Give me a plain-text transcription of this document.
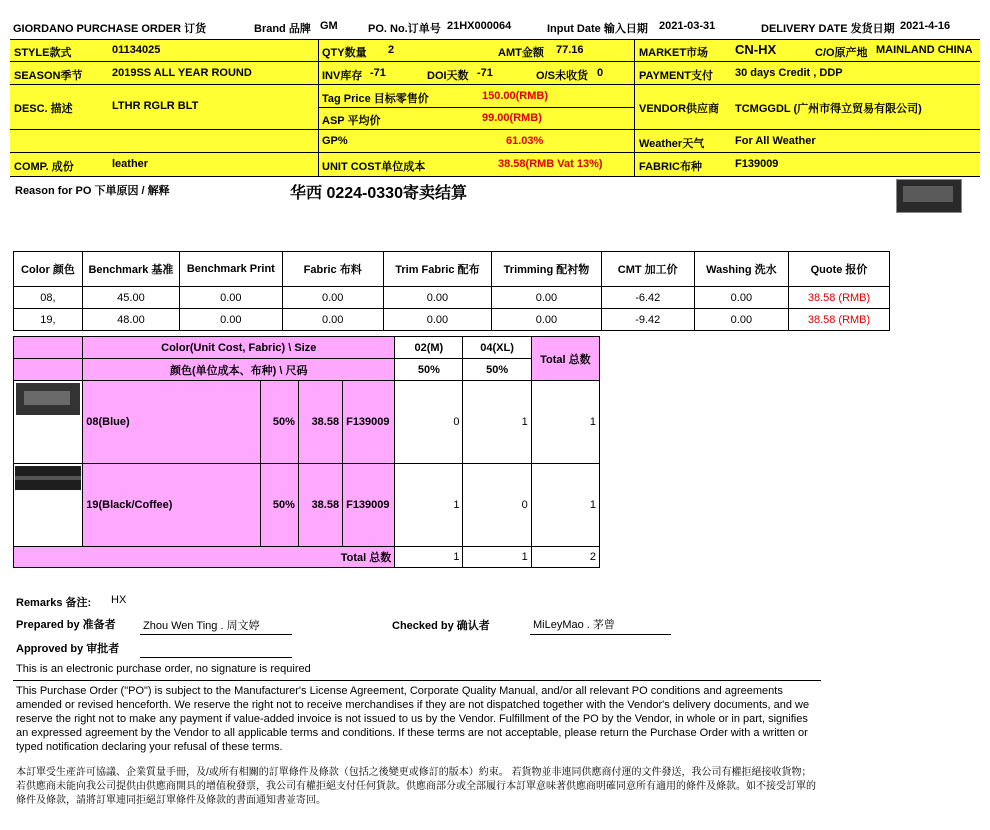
GIORDANO PURCHASE ORDER 订货	Brand 品牌 GM	PO. No.订单号 21HX000064	Input Date 输入日期 2021-03-31	DELIVERY DATE 发货日期 2021-4-16
STYLE款式	01134025	QTY数量 2	AMT金额 77.16	MARKET市场 CN-HX	C/O原产地 MAINLAND CHINA
SEASON季节	2019SS ALL YEAR ROUND	INV库存 -71	DOI天数 -71	O/S未收货 0	PAYMENT支付 30 days Credit , DDP
DESC. 描述	LTHR RGLR BLT
Tag Price 目标零售价	150.00(RMB)
ASP 平均价	99.00(RMB)
VENDOR供应商 TCMGGDL (广州市得立贸易有限公司)
GP%	61.03%	Weather天气	For All Weather
COMP. 成份	leather	UNIT COST单位成本	38.58(RMB Vat 13%)	FABRIC布种	F139009
Reason for PO 下単原因 / 解释	华西 0224-0330寄卖结算
Color 颜色	Benchmark 基准	Benchmark Print	Fabric 布料	Trim Fabric 配布	Trimming 配衬物	CMT 加工价	Washing 洗水	Quote 报价
08,	45.00	0.00	0.00	0.00	0.00	-6.42	0.00	38.58 (RMB)
19,	48.00	0.00	0.00	0.00	0.00	-9.42	0.00	38.58 (RMB)
	Color(Unit Cost, Fabric) \ Size				02(M)	04(XL)	Total 总数
	颜色(单位成本、布种) \ 尺码				50%	50%	

	08(Blue)	50%	38.58	F139009	0	1	1

	19(Black/Coffee)	50%	38.58	F139009	1	0	1
Total 总数					1	1	2
Remarks 备注: HX
Prepared by 准备者 Zhou Wen Ting . 周文婷	Checked by 确认者	MiLeyMao . 茅曾
Approved by 审批者
This is an electronic purchase order, no signature is required
This Purchase Order ("PO") is subject to the Manufacturer's License Agreement, Corporate Quality Manual, and/or all relevant PO conditions and agreements amended or revised henceforth. We reserve the right not to receive merchandises if they are not dispatched together with the Vendor's delivery documents, and we reserve the right not to make any payment if value-added invoice is not issued to us by the Vendor. Fulfillment of the PO by the Vendor, in whole or in part, signifies an expressed agreement by the Vendor to all applicable terms and conditions. If these terms are not acceptable, please return the Purchase Order with a written or typed notification declaring your refusal of these terms.
本訂單受生產許可協議、企業質量手冊，及/或所有相關的訂單條件及條款（包括之後變更或修訂的版本）約束。 若貨物並非連同供應商付運的文件發送，我公司有權拒絕接收貨物；若供應商未能向我公司提供由供應商開具的增值稅發票，我公司有權拒絕支付任何貨款。供應商部分或全部履行本訂單意味著供應商明確同意所有適用的條件及條款。如不接受訂單的條件及條款，請將訂單連同拒絕訂單條件及條款的書面通知書並寄回。
